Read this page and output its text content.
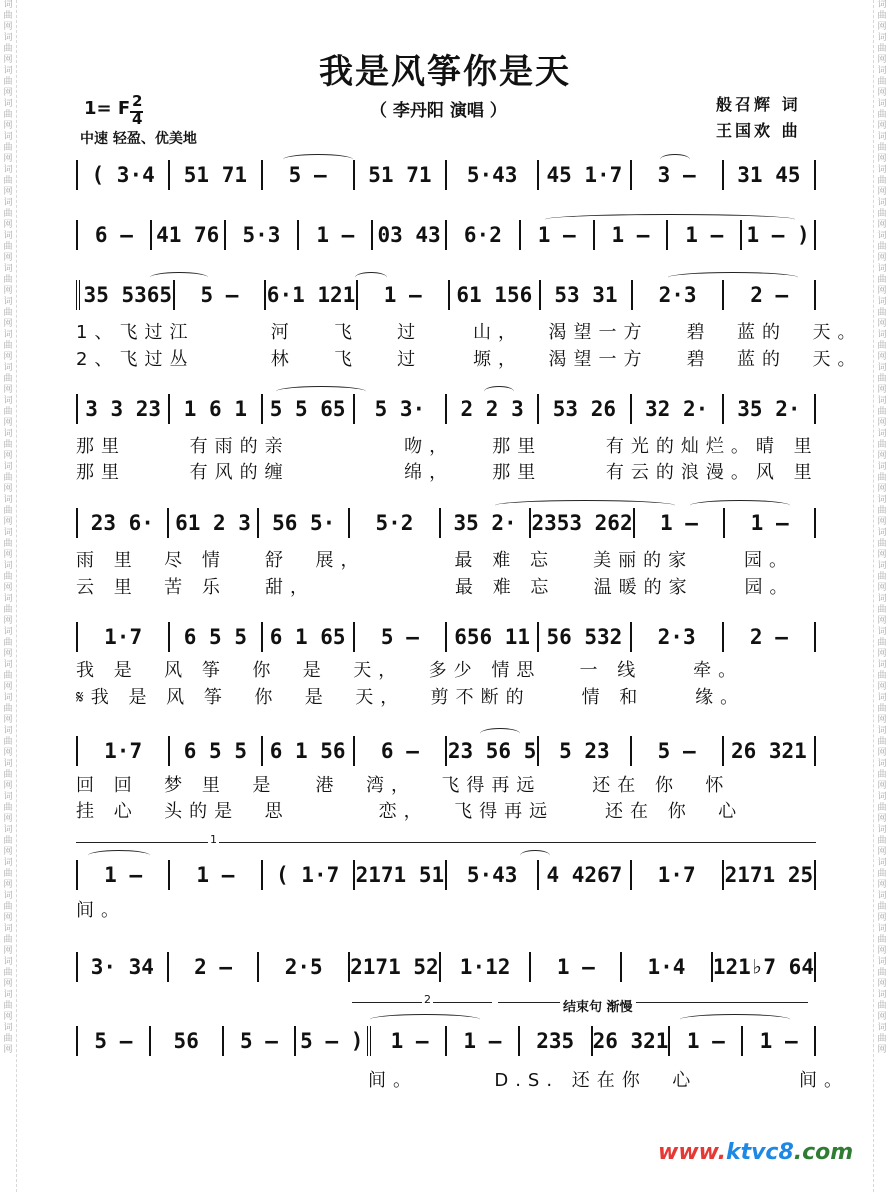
词曲网词曲网词曲网词曲网词曲网词曲网词曲网词曲网词曲网词曲网词曲网词曲网词曲网词曲网词曲网词曲网词曲网词曲网词曲网词曲网词曲网词曲网词曲网词曲网词曲网词曲网词曲网词曲网词曲网词曲网词曲网词曲网
词曲网词曲网词曲网词曲网词曲网词曲网词曲网词曲网词曲网词曲网词曲网词曲网词曲网词曲网词曲网词曲网词曲网词曲网词曲网词曲网词曲网词曲网词曲网词曲网词曲网词曲网词曲网词曲网词曲网词曲网词曲网词曲网
我是风筝你是天
（ 李丹阳 演唱 ）
1= F 2
4
中速 轻盈、优美地
般召辉 词
王国欢 曲
( 3·4	51 71	5 –	51 71	5·43	45 1·7	3 –	31 45
6 –	41 76	5·3	1 –	03 43	6·2	1 –	1 –	1 –	1 – )
35 5365	5 –	6·1 121	1 –	61 156	53 31	2·3	2 –
3 3 23	1 6 1	5 5 65	5 3·	2 2 3	53 26	32 2·	35 2·
23 6·	61 2 3	56 5·	5·2	35 2· 2353 262	1 –	1 –
1·7	6 5 5	6 1 65	5 –	656 11 56 532	2·3	2 –
1·7	6 5 5	6 1 56	6 –	23 56 5	5 23	5 –	26 321
1 –	1 –	( 1·7 2171 51	5·43	4 4267	1·7	2171 25
3· 34	2 –	2·5	2171 52	1·12	1 –	1·4	121♭7 64
5 –	56	5 –	5 – )	1 –	1 –	235 26 321 1 –	1 –
1、飞过江      河   飞   过    山，  渴望一方   碧  蓝的  天。
2、飞过丛      林   飞   过    塬，  渴望一方   碧  蓝的  天。
那里     有雨的亲         吻，   那里     有光的灿烂。晴 里
那里     有风的缠         绵，   那里     有云的浪漫。风 里
雨 里  尽 情   舒  展，       最 难 忘   美丽的家    园。
云 里  苦 乐   甜，           最 难 忘   温暖的家    园。
我 是  风 筝  你  是  天，  多少 情思   一 线    牵。
𝄋我 是 风 筝  你  是  天，  剪不断的    情 和    缘。
回 回  梦 里  是   港  湾，  飞得再远    还在 你  怀
挂 心  头的是  思       恋，  飞得再远    还在 你  心
间。
间。      D.S. 还在你  心        间。
1
2
结束句 渐慢
www.ktvc8.com
